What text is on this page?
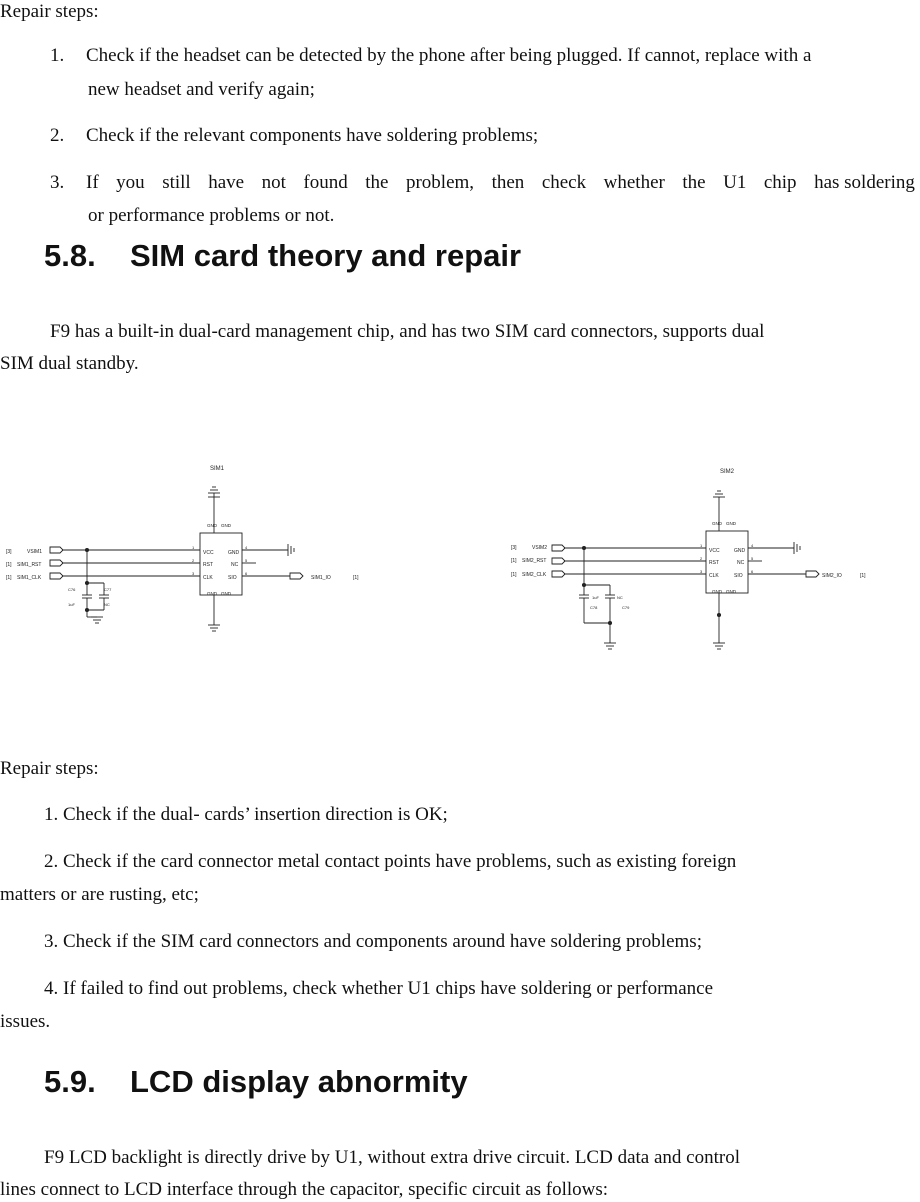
Repair steps:

1. Check if the headset can be detected by the phone after being plugged. If cannot, replace with a

new headset and verify again;

2. Check if the relevant components have soldering problems;

3. If you still have not found the problem, then check whether the U1 chip has soldering

or performance problems or not.

5.8. SIM card theory and repair

F9 has a built-in dual-card management chip, and has two SIM card connectors, supports dual

SIM dual standby.

SIM1
GND GND
VCC
RST
CLK
GND
NC
SIO
1
2
3
4
5
6
GND GND
SIM1_IO	[1]
[3]	VSIM1
[1] SIM1_RST
[1] SIM1_CLK
C76
1uF
C77
NC
SIM2
GND GND
VCC
RST
CLK
GND
NC
SIO
1
2
3
4
5
6
GND GND
SIM2_IO	[1]
[3]	VSIM2
[1] SIM2_RST
[1] SIM2_CLK
1uF
C78
NC
C79

Repair steps:

1. Check if the dual- cards’ insertion direction is OK;

2. Check if the card connector metal contact points have problems, such as existing foreign

matters or are rusting, etc;

3. Check if the SIM card connectors and components around have soldering problems;

4. If failed to find out problems, check whether U1 chips have soldering or performance

issues.

5.9. LCD display abnormity

F9 LCD backlight is directly drive by U1, without extra drive circuit. LCD data and control

lines connect to LCD interface through the capacitor, specific circuit as follows:
